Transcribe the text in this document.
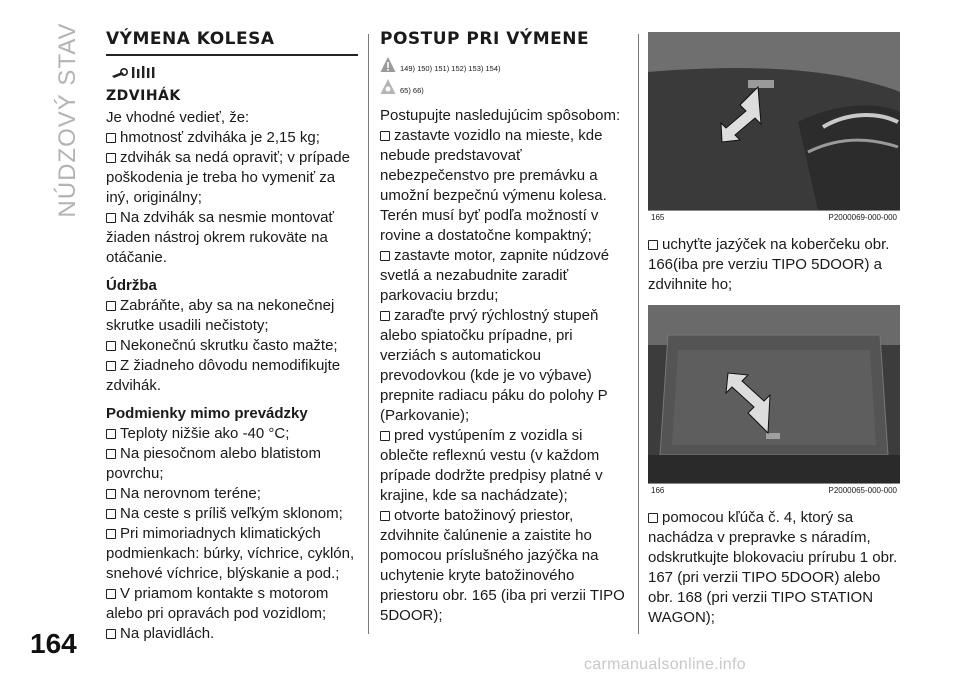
NÚDZOVÝ STAV
164
VÝMENA KOLESA
ZDVIHÁK

Je vhodné vedieť, že:

hmotnosť zdviháka je 2,15 kg;

zdvihák sa nedá opraviť; v prípade poškodenia je treba ho vymeniť za iný, originálny;

Na zdvihák sa nesmie montovať žiaden nástroj okrem rukoväte na otáčanie.

Údržba

Zabráňte, aby sa na nekonečnej skrutke usadili nečistoty;

Nekonečnú skrutku často mažte;

Z žiadneho dôvodu nemodifikujte zdvihák.

Podmienky mimo prevádzky

Teploty nižšie ako -40 °C;

Na piesočnom alebo blatistom povrchu;

Na nerovnom teréne;

Na ceste s príliš veľkým sklonom;

Pri mimoriadnych klimatických podmienkach: búrky, víchrice, cyklón, snehové víchrice, blýskanie a pod.;

V priamom kontakte s motorom alebo pri opravách pod vozidlom;

Na plavidlách.

POSTUP PRI VÝMENE
149) 150) 151) 152) 153) 154)
65) 66)

Postupujte nasledujúcim spôsobom:

zastavte vozidlo na mieste, kde nebude predstavovať nebezpečenstvo pre premávku a umožní bezpečnú výmenu kolesa. Terén musí byť podľa možností v rovine a dostatočne kompaktný;

zastavte motor, zapnite núdzové svetlá a nezabudnite zaradiť parkovaciu brzdu;

zaraďte prvý rýchlostný stupeň alebo spiatočku prípadne, pri verziách s automatickou prevodovkou (kde je vo výbave) prepnite radiacu páku do polohy P (Parkovanie);

pred vystúpením z vozidla si oblečte reflexnú vestu (v každom prípade dodržte predpisy platné v krajine, kde sa nachádzate);

otvorte batožinový priestor, zdvihnite čalúnenie a zaistite ho pomocou príslušného jazýčka na uchytenie kryte batožinového priestoru obr. 165 (iba pri verzii TIPO 5DOOR);

165	P2000069-000-000

uchyťte jazýček na koberčeku obr. 166(iba pre verziu TIPO 5DOOR) a zdvihnite ho;

166	P2000065-000-000

pomocou kľúča č. 4, ktorý sa nachádza v prepravke s náradím, odskrutkujte blokovaciu prírubu 1 obr. 167 (pri verzii TIPO 5DOOR) alebo obr. 168 (pri verzii TIPO STATION WAGON);

carmanualsonline.info
